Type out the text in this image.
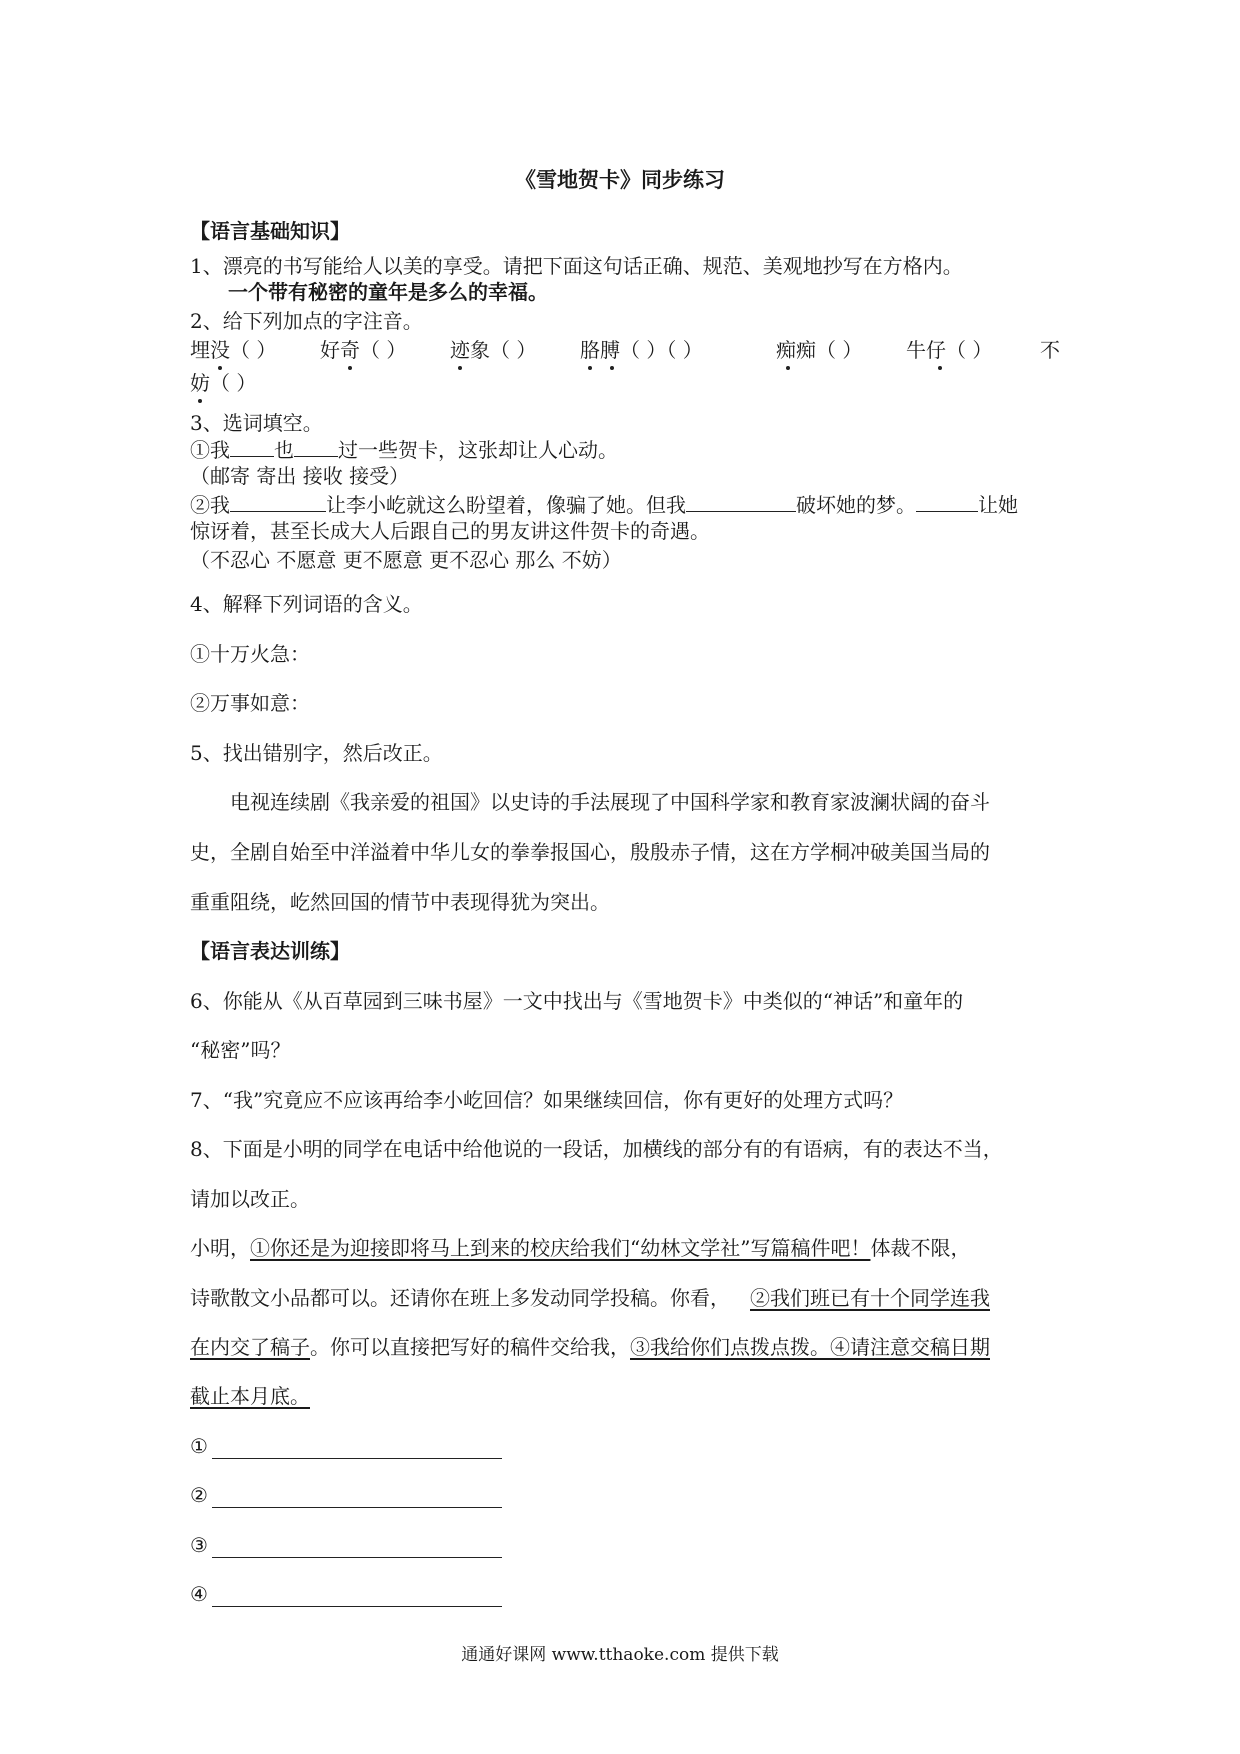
《雪地贺卡》同步练习
【语言基础知识】
1、漂亮的书写能给人以美的享受。请把下面这句话正确、规范、美观地抄写在方格内。
一个带有秘密的童年是多么的幸福。
2、给下列加点的字注音。
埋没（ ） 好奇（ ） 迹象（ ） 胳膊（ ）（ ）	痴痴（ ） 牛仔（ ） 不
妨（ ）
3、选词填空。
①我 也 过一些贺卡，这张却让人心动。
（邮寄 寄出 接收 接受）
②我	让李小屹就这么盼望着，像骗了她。但我	破坏她的梦。	让她
惊讶着，甚至长成大人后跟自己的男友讲这件贺卡的奇遇。
（不忍心 不愿意 更不愿意 更不忍心 那么 不妨）
4、解释下列词语的含义。
①十万火急：
②万事如意：
5、找出错别字，然后改正。
电视连续剧《我亲爱的祖国》以史诗的手法展现了中国科学家和教育家波澜状阔的奋斗
史，全剧自始至中洋溢着中华儿女的拳拳报国心，殷殷赤子情，这在方学桐冲破美国当局的
重重阻绕，屹然回国的情节中表现得犹为突出。
【语言表达训练】
6、你能从《从百草园到三味书屋》一文中找出与《雪地贺卡》中类似的“神话”和童年的
“秘密”吗？
7、“我”究竟应不应该再给李小屹回信？如果继续回信，你有更好的处理方式吗？
8、下面是小明的同学在电话中给他说的一段话，加横线的部分有的有语病，有的表达不当，
请加以改正。
小明，①你还是为迎接即将马上到来的校庆给我们“幼林文学社”写篇稿件吧！体裁不限，
诗歌散文小品都可以。还请你在班上多发动同学投稿。你看， ②我们班已有十个同学连我
在内交了稿子。你可以直接把写好的稿件交给我，③我给你们点拨点拨。④请注意交稿日期
截止本月底。
①
②
③
④
通通好课网 www.tthaoke.com 提供下载
